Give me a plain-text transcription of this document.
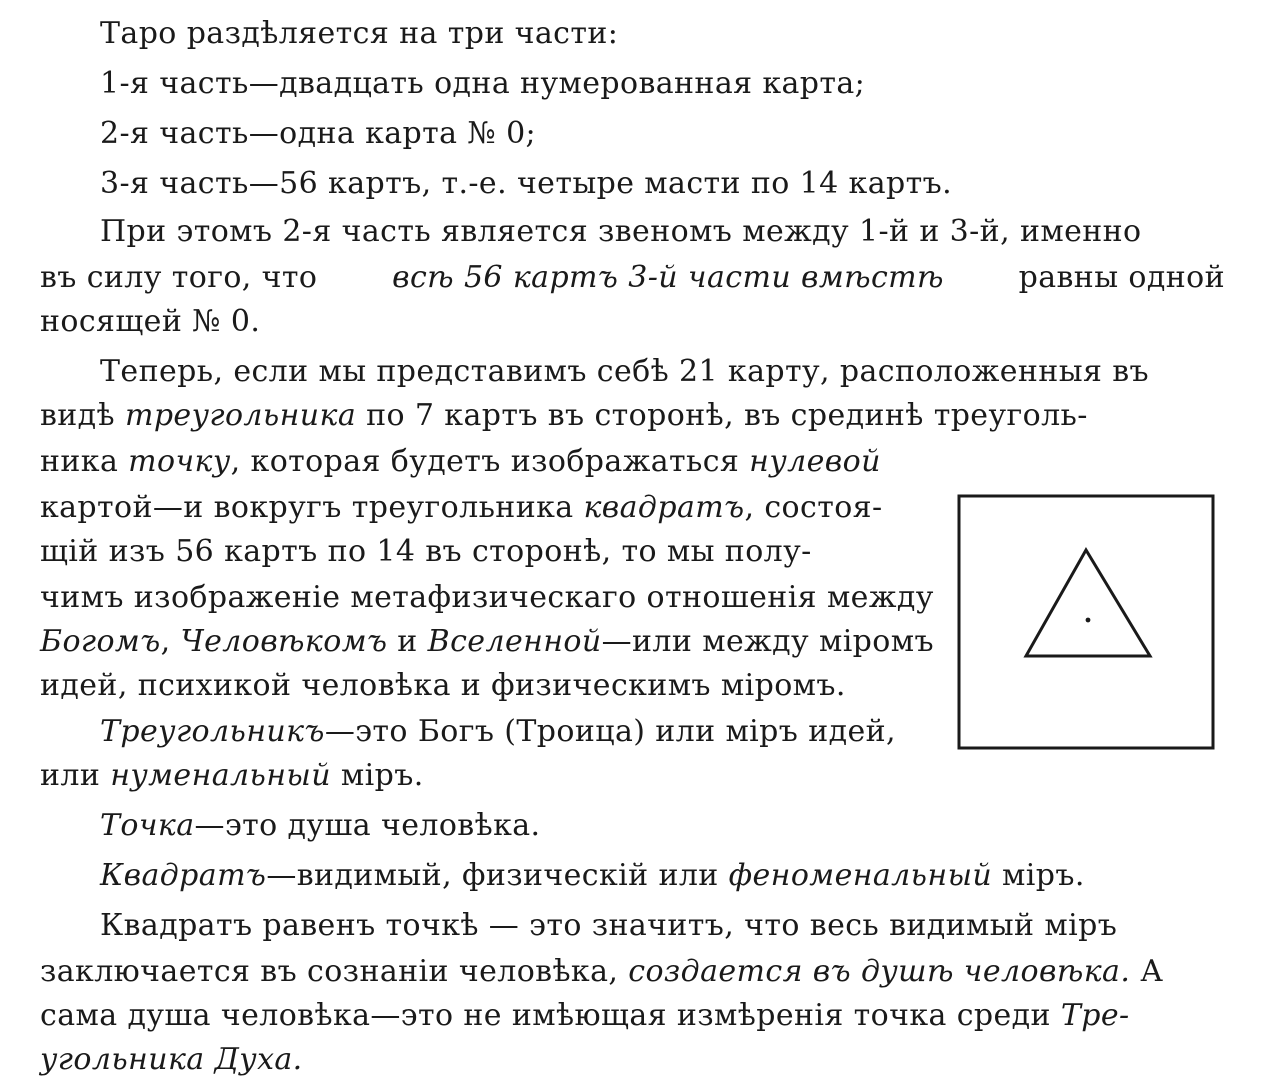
Таро раздѣляется на три части:
1-я часть—двадцать одна нумерованная карта;
2-я часть—одна карта № 0;
3-я часть—56 картъ, т.-е. четыре масти по 14 картъ.
При этомъ 2-я часть является звеномъ между 1-й и 3-й, именно
въ силу того, что всѣ 56 картъ 3-й части вмѣстѣ равны одной
носящей № 0.
Теперь, если мы представимъ себѣ 21 карту, расположенныя въ
видѣ треугольника по 7 картъ въ сторонѣ, въ срединѣ треуголь-
ника точку, которая будетъ изображаться нулевой
картой—и вокругъ треугольника квадратъ, состоя-
щій изъ 56 картъ по 14 въ сторонѣ, то мы полу-
чимъ изображеніе метафизическаго отношенія между
Богомъ, Человѣкомъ и Вселенной—или между міромъ
идей, психикой человѣка и физическимъ міромъ.
Треугольникъ—это Богъ (Троица) или міръ идей,
или нуменальный міръ.
Точка—это душа человѣка.
Квадратъ—видимый, физическій или феноменальный міръ.
Квадратъ равенъ точкѣ — это значитъ, что весь видимый міръ
заключается въ сознаніи человѣка, создается въ душѣ человѣка. А
сама душа человѣка—это не имѣющая измѣренія точка среди Тре-
угольника Духа.
